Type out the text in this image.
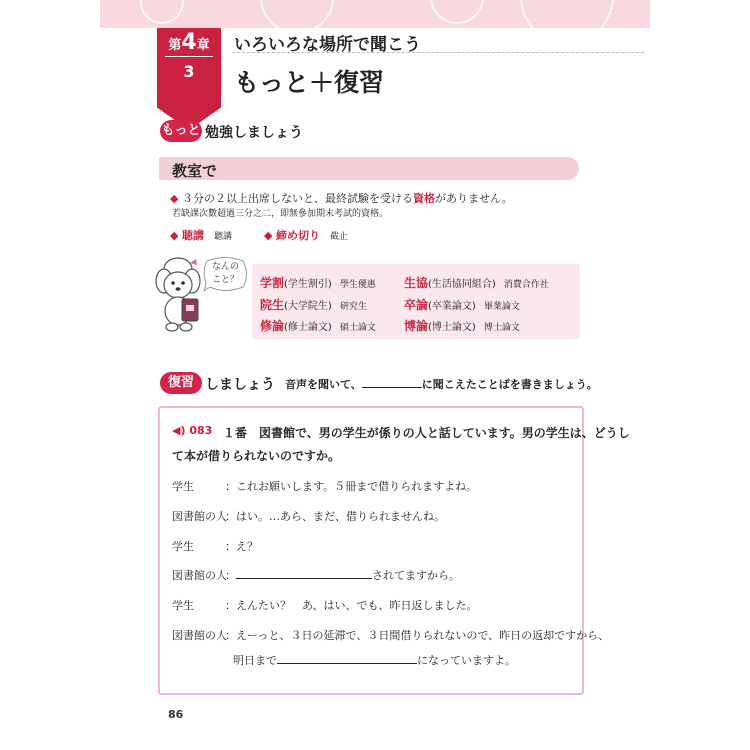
第4章
3
いろいろな場所で聞こう
もっと＋復習
もっと 勉強しましょう
教室で
◆ ３分の２以上出席しないと、最終試験を受ける資格がありません。
若缺課次數超過三分之二，即無參加期末考試的資格。
◆ 聴講 聽講	◆ 締め切り 截止
なんの
こと？ 学割(学生割引) 學生優惠 生協(生活協同組合) 消費合作社
院生(大学院生) 研究生	卒論(卒業論文) 畢業論文
修論(修士論文) 碩士論文 博論(博士論文) 博士論文
復習 しましょう 音声を聞いて、	に聞こえたことばを書きましょう。
◀) 083 １番　図書館で、男の学生が係りの人と話しています。男の学生は、どうし
て本が借りられないのですか。
学生	：これお願いします。５冊まで借りられますよね。
図書館の人
：はい。…あら、まだ、借りられませんね。
学生	：え？
図書館の人
：	されてますから。
学生	：えんたい？　あ、はい、でも、昨日返しました。
図書館の人
：えーっと、３日の延滞で、３日間借りられないので、昨日の返却ですから、
明日まで	になっていますよ。
86
